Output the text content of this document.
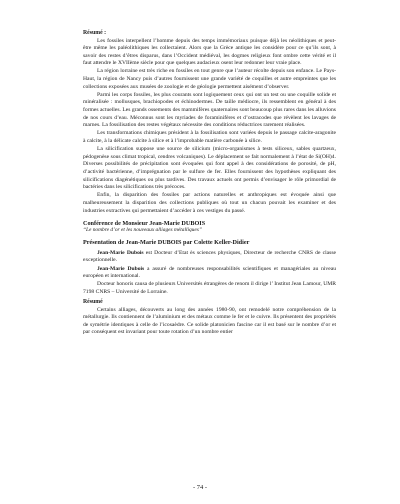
Résumé :

Les fossiles interpellent l’homme depuis des temps immémoriaux puisque déjà les néolithiques et peut-être même les paléolithiques les collectaient. Alors que la Grèce antique les considère pour ce qu’ils sont, à savoir des restes d’êtres disparus, dans l’Occident médiéval, les dogmes religieux font ombre cette vérité et il faut attendre le XVIIème siècle pour que quelques audacieux osent leur redonner leur vraie place.

La région lorraine est très riche en fossiles en tout genre que l’auteur récolte depuis son enfance. Le Pays-Haut, la région de Nancy puis d’autres fournissent une grande variété de coquilles et autre empreintes que les collections exposées aux musées de zoologie et de géologie permettent aisément d’observer.

Parmi les corps fossiles, les plus courants sont logiquement ceux qui ont un test ou une coquille solide et minéralisée : mollusques, brachiopodes et échinodermes. De taille médiocre, ils ressemblent en général à des formes actuelles. Les grands ossements des mammifères quaternaires sont beaucoup plus rares dans les alluvions de nos cours d’eau. Méconnus sont les myriades de foraminifères et d’ostracodes que révèlent les lavages de marnes. La fossilisation des restes végétaux nécessite des conditions réductrices rarement réalisées.

Les transformations chimiques président à la fossilisation sont variées depuis le passage calcite-aragonite à calcite, à la délicate calcite à silice et à l’improbable matière carbonée à silice.

La silicification suppose une source de silicium (micro-organismes à tests siliceux, sables quartzeux, pédogenèse sous climat tropical, cendres volcaniques). Le déplacement se fait normalement à l’état de Si(OH)4. Diverses possibilités de précipitation sont évoquées qui font appel à des considérations de porosité, de pH, d’activité bactérienne, d’imprégnation par le sulfure de fer. Elles fournissent des hypothèses expliquant des silicifications diagénétiques ou plus tardives. Des travaux actuels ont permis d’envisager le rôle primordial de bactéries dans les silicifications très précoces.

Enfin, la disparition des fossiles par actions naturelles et anthropiques est évoquée ainsi que malheureusement la disparition des collections publiques où tout un chacun pouvait les examiner et des industries extractives qui permettaient d’accéder à ces vestiges du passé.

Conférence de Monsieur Jean-Marie DUBOIS
“Le nombre d’or et les nouveaux alliages métalliques”
Présentation de Jean-Marie DUBOIS par Colette Keller-Didier

Jean-Marie Dubois est Docteur d’Etat ès sciences physiques, Directeur de recherche CNRS de classe exceptionnelle.

Jean-Marie Dubois a assuré de nombreuses responsabilités scientifiques et managériales au niveau européen et international.

Docteur honoris causa de plusieurs Universités étrangères de renom il dirige l’ Institut Jean Lamour, UMR 7198 CNRS – Université de Lorraine.

Résumé

Certains alliages, découverts au long des années 1980-90, ont remodelé notre compréhension de la métallurgie. Ils contiennent de l’aluminium et des métaux comme le fer et le cuivre. Ils présentent des propriétés de symétrie identiques à celle de l’icosaèdre. Ce solide platonicien fascine car il est basé sur le nombre d’or et par conséquent est invariant pour toute rotation d’un nombre entier

- 74 -
